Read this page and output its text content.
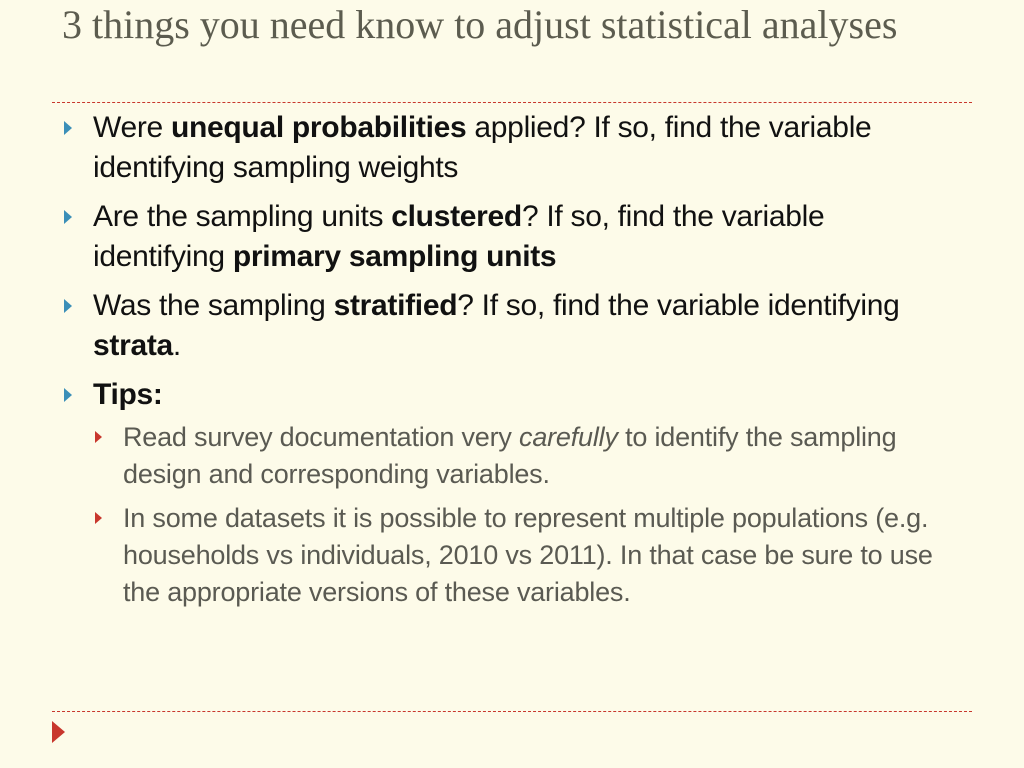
3 things you need know to adjust statistical analyses
Were unequal probabilities applied? If so, find the variable identifying sampling weights
Are the sampling units clustered? If so, find the variable identifying primary sampling units
Was the sampling stratified? If so, find the variable identifying strata.
Tips:
Read survey documentation very carefully to identify the sampling design and corresponding variables.
In some datasets it is possible to represent multiple populations (e.g. households vs individuals, 2010 vs 2011). In that case be sure to use the appropriate versions of these variables.
